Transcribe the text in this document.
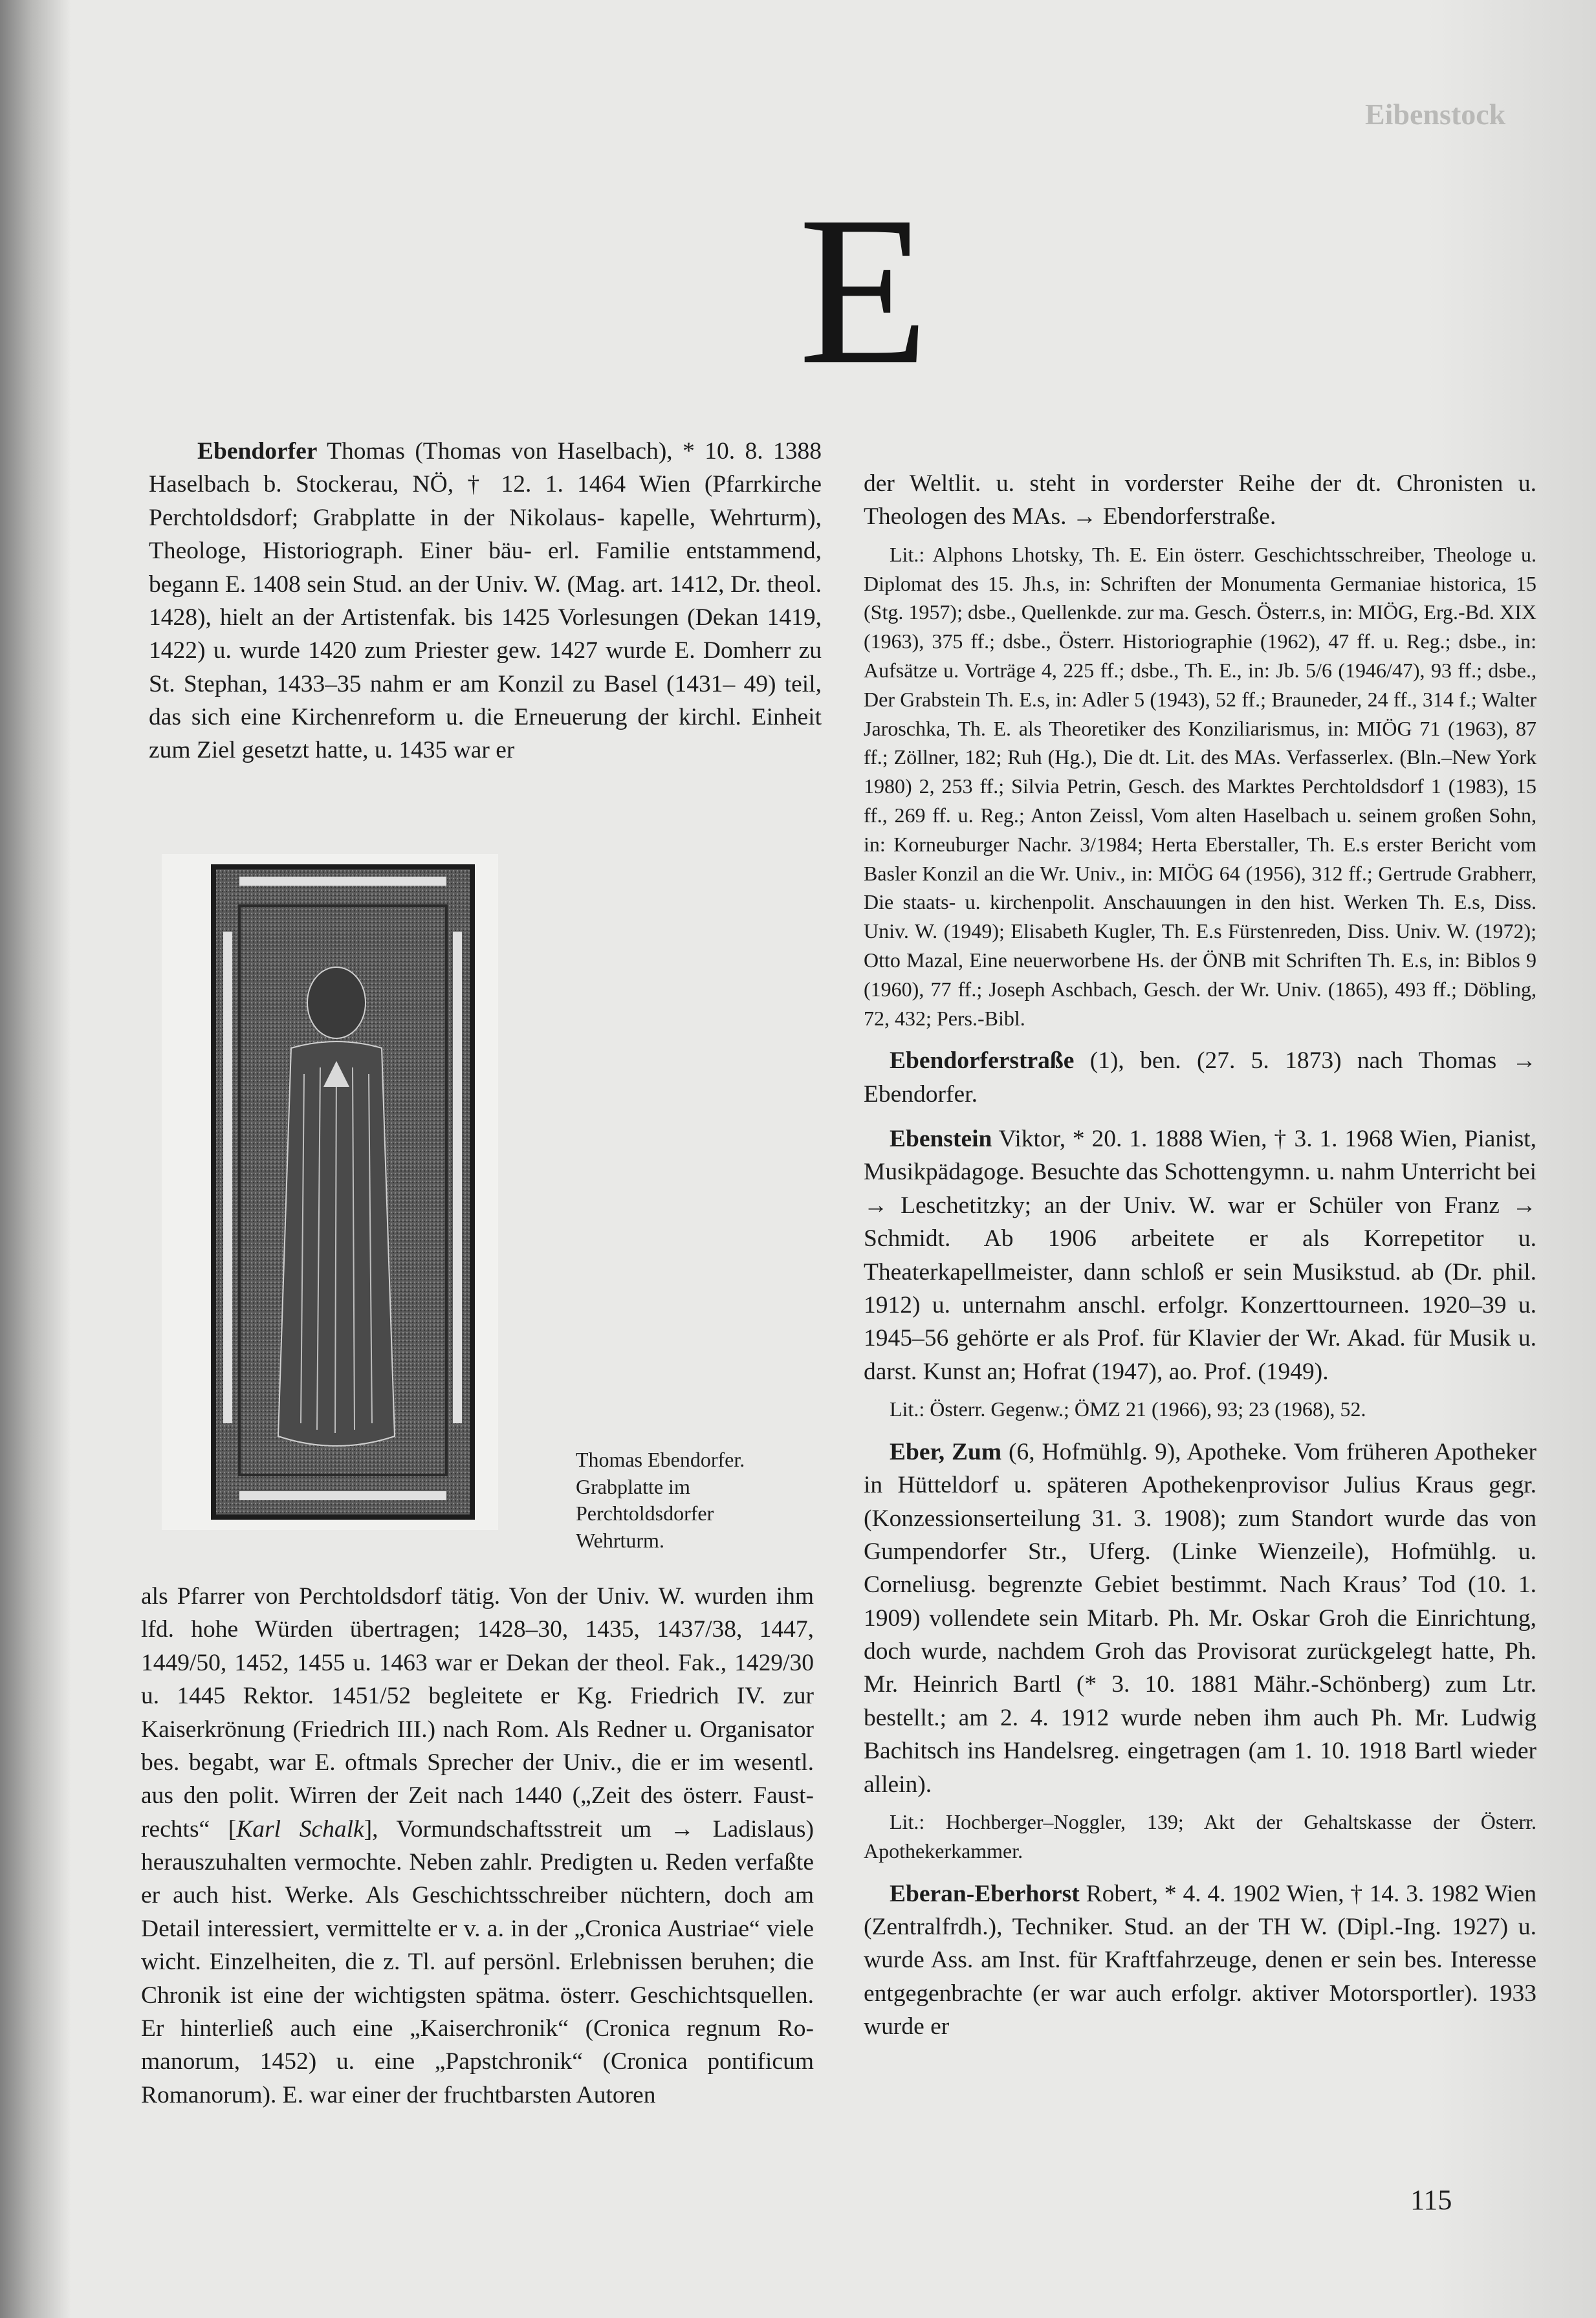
Eibenstock
E

Ebendorfer Thomas (Thomas von Haselbach), * 10. 8. 1388 Haselbach b. Stockerau, NÖ, † 12. 1. 1464 Wien (Pfarrkirche Perchtoldsdorf; Grabplatte in der Nikolaus- kapelle, Wehrturm), Theologe, Historiograph. Einer bäu- erl. Familie entstammend, begann E. 1408 sein Stud. an der Univ. W. (Mag. art. 1412, Dr. theol. 1428), hielt an der Artistenfak. bis 1425 Vorlesungen (Dekan 1419, 1422) u. wurde 1420 zum Priester gew. 1427 wurde E. Domherr zu St. Stephan, 1433–35 nahm er am Konzil zu Basel (1431– 49) teil, das sich eine Kirchenreform u. die Erneuerung der kirchl. Einheit zum Ziel gesetzt hatte, u. 1435 war er

Thomas Ebendorfer. Grabplatte im Perchtoldsdorfer Wehrturm.

als Pfarrer von Perchtoldsdorf tätig. Von der Univ. W. wurden ihm lfd. hohe Würden übertragen; 1428–30, 1435, 1437/38, 1447, 1449/50, 1452, 1455 u. 1463 war er Dekan der theol. Fak., 1429/30 u. 1445 Rektor. 1451/52 begleitete er Kg. Friedrich IV. zur Kaiserkrönung (Friedrich III.) nach Rom. Als Redner u. Organisator bes. begabt, war E. oftmals Sprecher der Univ., die er im wesentl. aus den polit. Wirren der Zeit nach 1440 („Zeit des österr. Faustrechts“ [Karl Schalk], Vormundschaftsstreit um → Ladislaus) herauszuhalten vermochte. Neben zahlr. Predigten u. Reden verfaßte er auch hist. Werke. Als Geschichtsschreiber nüchtern, doch am Detail interessiert, vermittelte er v. a. in der „Cronica Austriae“ viele wicht. Einzelheiten, die z. Tl. auf persönl. Erlebnissen beruhen; die Chronik ist eine der wichtigsten spätma. österr. Geschichtsquellen. Er hinterließ auch eine „Kaiserchronik“ (Cronica regnum Romanorum, 1452) u. eine „Papstchronik“ (Cronica pontificum Romanorum). E. war einer der fruchtbarsten Autoren

der Weltlit. u. steht in vorderster Reihe der dt. Chronisten u. Theologen des MAs. → Ebendorferstraße.

Lit.: Alphons Lhotsky, Th. E. Ein österr. Geschichtsschreiber, Theologe u. Diplomat des 15. Jh.s, in: Schriften der Monumenta Germaniae historica, 15 (Stg. 1957); dsbe., Quellenkde. zur ma. Gesch. Österr.s, in: MIÖG, Erg.-Bd. XIX (1963), 375 ff.; dsbe., Österr. Historiographie (1962), 47 ff. u. Reg.; dsbe., in: Aufsätze u. Vorträge 4, 225 ff.; dsbe., Th. E., in: Jb. 5/6 (1946/47), 93 ff.; dsbe., Der Grabstein Th. E.s, in: Adler 5 (1943), 52 ff.; Brauneder, 24 ff., 314 f.; Walter Jaroschka, Th. E. als Theoretiker des Konziliarismus, in: MIÖG 71 (1963), 87 ff.; Zöllner, 182; Ruh (Hg.), Die dt. Lit. des MAs. Verfasserlex. (Bln.–New York 1980) 2, 253 ff.; Silvia Petrin, Gesch. des Marktes Perchtoldsdorf 1 (1983), 15 ff., 269 ff. u. Reg.; Anton Zeissl, Vom alten Haselbach u. seinem großen Sohn, in: Korneuburger Nachr. 3/1984; Herta Eberstaller, Th. E.s erster Bericht vom Basler Konzil an die Wr. Univ., in: MIÖG 64 (1956), 312 ff.; Gertrude Grabherr, Die staats- u. kirchenpolit. Anschauungen in den hist. Werken Th. E.s, Diss. Univ. W. (1949); Elisabeth Kugler, Th. E.s Fürstenreden, Diss. Univ. W. (1972); Otto Mazal, Eine neuerworbene Hs. der ÖNB mit Schriften Th. E.s, in: Biblos 9 (1960), 77 ff.; Joseph Aschbach, Gesch. der Wr. Univ. (1865), 493 ff.; Döbling, 72, 432; Pers.-Bibl.

Ebendorferstraße (1), ben. (27. 5. 1873) nach Thomas → Ebendorfer.

Ebenstein Viktor, * 20. 1. 1888 Wien, † 3. 1. 1968 Wien, Pianist, Musikpädagoge. Besuchte das Schottengymn. u. nahm Unterricht bei → Leschetitzky; an der Univ. W. war er Schüler von Franz → Schmidt. Ab 1906 arbeitete er als Korrepetitor u. Theaterkapellmeister, dann schloß er sein Musikstud. ab (Dr. phil. 1912) u. unternahm anschl. erfolgr. Konzerttourneen. 1920–39 u. 1945–56 gehörte er als Prof. für Klavier der Wr. Akad. für Musik u. darst. Kunst an; Hofrat (1947), ao. Prof. (1949).

Lit.: Österr. Gegenw.; ÖMZ 21 (1966), 93; 23 (1968), 52.

Eber, Zum (6, Hofmühlg. 9), Apotheke. Vom früheren Apotheker in Hütteldorf u. späteren Apothekenprovisor Julius Kraus gegr. (Konzessionserteilung 31. 3. 1908); zum Standort wurde das von Gumpendorfer Str., Uferg. (Linke Wienzeile), Hofmühlg. u. Corneliusg. begrenzte Gebiet bestimmt. Nach Kraus’ Tod (10. 1. 1909) vollendete sein Mitarb. Ph. Mr. Oskar Groh die Einrichtung, doch wurde, nachdem Groh das Provisorat zurückgelegt hatte, Ph. Mr. Heinrich Bartl (* 3. 10. 1881 Mähr.-Schönberg) zum Ltr. bestellt.; am 2. 4. 1912 wurde neben ihm auch Ph. Mr. Ludwig Bachitsch ins Handelsreg. eingetragen (am 1. 10. 1918 Bartl wieder allein).

Lit.: Hochberger–Noggler, 139; Akt der Gehaltskasse der Österr. Apothekerkammer.

Eberan-Eberhorst Robert, * 4. 4. 1902 Wien, † 14. 3. 1982 Wien (Zentralfrdh.), Techniker. Stud. an der TH W. (Dipl.-Ing. 1927) u. wurde Ass. am Inst. für Kraftfahrzeuge, denen er sein bes. Interesse entgegenbrachte (er war auch erfolgr. aktiver Motorsportler). 1933 wurde er

115
